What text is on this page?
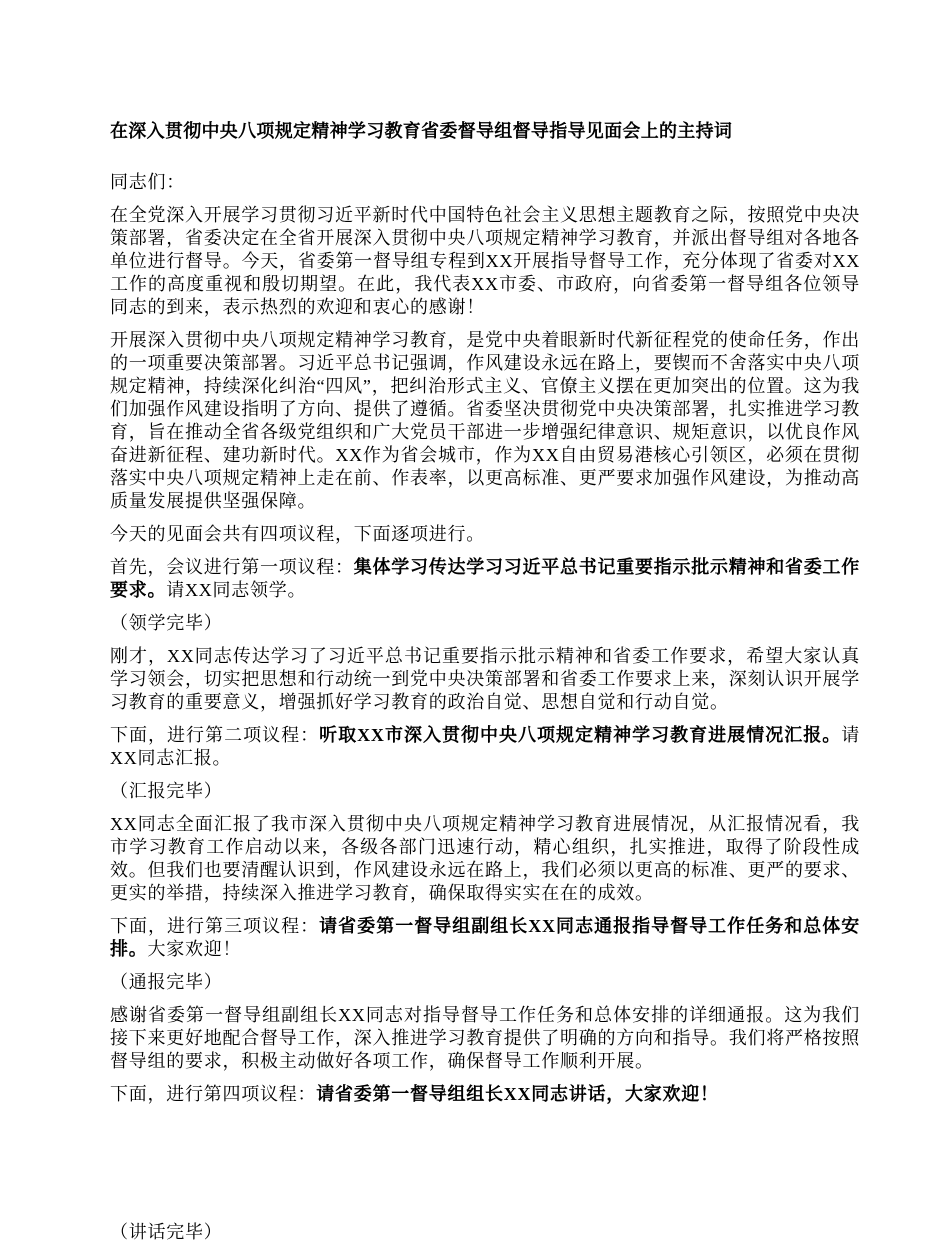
在深入贯彻中央八项规定精神学习教育省委督导组督导指导见面会上的主持词

同志们：

在全党深入开展学习贯彻习近平新时代中国特色社会主义思想主题教育之际，按照党中央决策部署，省委决定在全省开展深入贯彻中央八项规定精神学习教育，并派出督导组对各地各单位进行督导。今天，省委第一督导组专程到XX开展指导督导工作，充分体现了省委对XX工作的高度重视和殷切期望。在此，我代表XX市委、市政府，向省委第一督导组各位领导同志的到来，表示热烈的欢迎和衷心的感谢！

开展深入贯彻中央八项规定精神学习教育，是党中央着眼新时代新征程党的使命任务，作出的一项重要决策部署。习近平总书记强调，作风建设永远在路上，要锲而不舍落实中央八项规定精神，持续深化纠治“四风”，把纠治形式主义、官僚主义摆在更加突出的位置。这为我们加强作风建设指明了方向、提供了遵循。省委坚决贯彻党中央决策部署，扎实推进学习教育，旨在推动全省各级党组织和广大党员干部进一步增强纪律意识、规矩意识，以优良作风奋进新征程、建功新时代。XX作为省会城市，作为XX自由贸易港核心引领区，必须在贯彻落实中央八项规定精神上走在前、作表率，以更高标准、更严要求加强作风建设，为推动高质量发展提供坚强保障。

今天的见面会共有四项议程，下面逐项进行。

首先，会议进行第一项议程：集体学习传达学习习近平总书记重要指示批示精神和省委工作要求。请XX同志领学。

（领学完毕）

刚才，XX同志传达学习了习近平总书记重要指示批示精神和省委工作要求，希望大家认真学习领会，切实把思想和行动统一到党中央决策部署和省委工作要求上来，深刻认识开展学习教育的重要意义，增强抓好学习教育的政治自觉、思想自觉和行动自觉。

下面，进行第二项议程：听取XX市深入贯彻中央八项规定精神学习教育进展情况汇报。请XX同志汇报。

（汇报完毕）

XX同志全面汇报了我市深入贯彻中央八项规定精神学习教育进展情况，从汇报情况看，我市学习教育工作启动以来，各级各部门迅速行动，精心组织，扎实推进，取得了阶段性成效。但我们也要清醒认识到，作风建设永远在路上，我们必须以更高的标准、更严的要求、更实的举措，持续深入推进学习教育，确保取得实实在在的成效。

下面，进行第三项议程：请省委第一督导组副组长XX同志通报指导督导工作任务和总体安排。大家欢迎！

（通报完毕）

感谢省委第一督导组副组长XX同志对指导督导工作任务和总体安排的详细通报。这为我们接下来更好地配合督导工作，深入推进学习教育提供了明确的方向和指导。我们将严格按照督导组的要求，积极主动做好各项工作，确保督导工作顺利开展。

下面，进行第四项议程：请省委第一督导组组长XX同志讲话，大家欢迎！

（讲话完毕）
